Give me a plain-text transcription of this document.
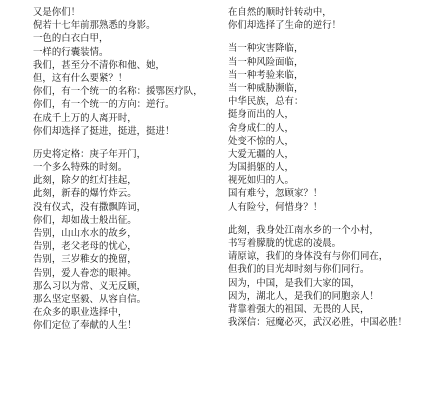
又是你们！
倪若十七年前那熟悉的身影。
一色的白衣白甲，
一样的行囊装情。
我们，甚至分不清你和他、她，
但，这有什么要紧？！
你们，有一个统一的名称：援鄂医疗队，
你们，有一个统一的方向：逆行。
在成千上万的人离开时，
你们却选择了挺进，挺进，挺进！
历史将定格：庚子年开门，
一个多么特殊的时刻。
此刻，除夕的红灯挂起，
此刻，新春的爆竹炸云。
没有仪式，没有撒飘阵词，
你们，却如战士般出征。
告别，山山水水的故乡，
告别，老父老母的忧心，
告别，三岁稚女的挽留，
告别，爱人眷恋的眼神。
那么习以为常、义无反顾，
那么坚定坚毅、从容自信。
在众多的职业选择中，
你们定位了奉献的人生！
在自然的顺时针转动中，
你们却选择了生命的逆行！
当一种灾害降临，
当一种风险面临，
当一种考验来临，
当一种威胁濒临，
中华民族，总有：
挺身而出的人，
舍身成仁的人，
处变不惊的人，
大爱无疆的人，
为国捐躯的人，
视死如归的人。
国有难兮，忽顾家？！
人有险兮，何惜身？！
此刻，我身处江南水乡的一个小村，
书写着朦胧的忧虑的凌晨。
请原谅，我们的身体没有与你们同在，
但我们的目光却时刻与你们同行。
因为，中国，是我们大家的国，
因为，湖北人，是我们的同胞亲人！
背靠着强大的祖国、无畏的人民，
我深信：冠魔必灭，武汉必胜，中国必胜！
